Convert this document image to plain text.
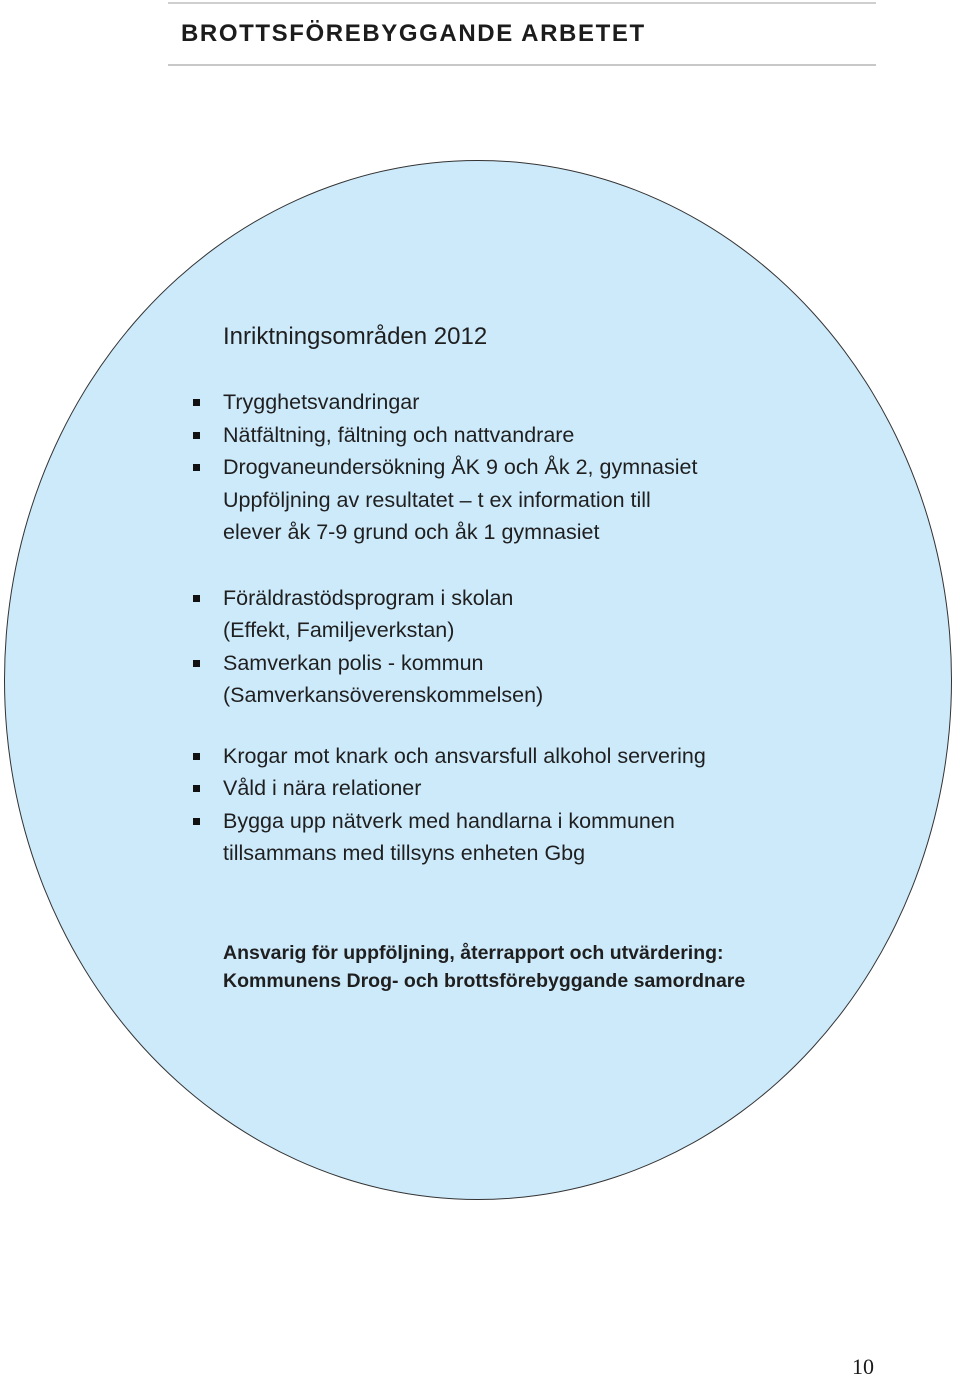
BROTTSFÖREBYGGANDE ARBETET
Inriktningsområden 2012
Trygghetsvandringar
Nätfältning, fältning och nattvandrare
Drogvaneundersökning ÅK 9 och Åk 2, gymnasiet
Uppföljning av resultatet – t ex information till
elever åk 7-9 grund och åk 1 gymnasiet
Föräldrastödsprogram i skolan
(Effekt, Familjeverkstan)
Samverkan polis - kommun
(Samverkansöverenskommelsen)
Krogar mot knark och ansvarsfull alkohol servering
Våld i nära relationer
Bygga upp nätverk med handlarna i kommunen
tillsammans med tillsyns enheten Gbg

Ansvarig för uppföljning, återrapport och utvärdering:
Kommunens Drog- och brottsförebyggande samordnare

10
